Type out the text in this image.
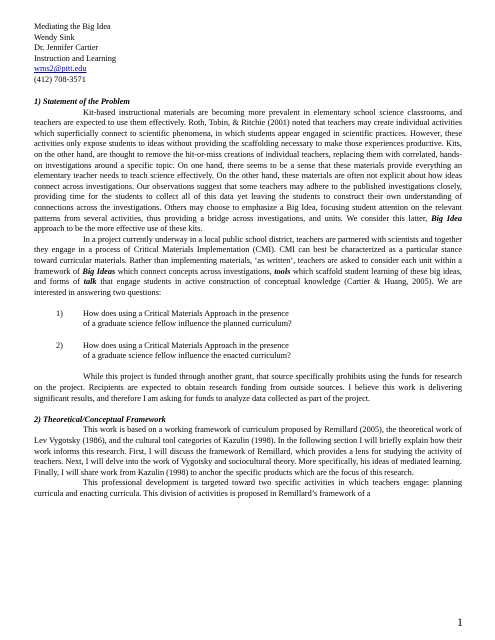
Mediating the Big Idea
Wendy Sink
Dr. Jennifer Cartier
Instruction and Learning
wms2@pitt.edu
(412) 708-3571
1) Statement of the Problem

Kit-based instructional materials are becoming more prevalent in elementary school science classrooms, and teachers are expected to use them effectively. Roth, Tobin, & Ritchie (2001) noted that teachers may create individual activities which superficially connect to scientific phenomena, in which students appear engaged in scientific practices. However, these activities only expose students to ideas without providing the scaffolding necessary to make those experiences productive. Kits, on the other hand, are thought to remove the hit-or-miss creations of individual teachers, replacing them with correlated, hands-on investigations around a specific topic. On one hand, there seems to be a sense that these materials provide everything an elementary teacher needs to teach science effectively. On the other hand, these materials are often not explicit about how ideas connect across investigations. Our observations suggest that some teachers may adhere to the published investigations closely, providing time for the students to collect all of this data yet leaving the students to construct their own understanding of connections across the investigations. Others may choose to emphasize a Big Idea, focusing student attention on the relevant patterns from several activities, thus providing a bridge across investigations, and units. We consider this latter, Big Idea approach to be the more effective use of these kits.

In a project currently underway in a local public school district, teachers are partnered with scientists and together they engage in a process of Critical Materials Implementation (CMI). CMI can best be characterized as a particular stance toward curricular materials. Rather than implementing materials, ‘as written’, teachers are asked to consider each unit within a framework of Big Ideas which connect concepts across investigations, tools which scaffold student learning of these big ideas, and forms of talk that engage students in active construction of conceptual knowledge (Cartier & Huang, 2005). We are interested in answering two questions:

1)	How does using a Critical Materials Approach in the presence
of a graduate science fellow influence the planned curriculum?
2)	How does using a Critical Materials Approach in the presence
of a graduate science fellow influence the enacted curriculum?

While this project is funded through another grant, that source specifically prohibits using the funds for research on the project. Recipients are expected to obtain research funding from outside sources. I believe this work is delivering significant results, and therefore I am asking for funds to analyze data collected as part of the project.

2) Theoretical/Conceptual Framework

This work is based on a working framework of curriculum proposed by Remillard (2005), the theoretical work of Lev Vygotsky (1986), and the cultural tool categories of Kazulin (1998). In the following section I will briefly explain how their work informs this research. First, I will discuss the framework of Remillard, which provides a lens for studying the activity of teachers. Next, I will delve into the work of Vygotsky and sociocultural theory. More specifically, his ideas of mediated learning. Finally, I will share work from Kazulin (1998) to anchor the specific products which are the focus of this research.

This professional development is targeted toward two specific activities in which teachers engage: planning curricula and enacting curricula. This division of activities is proposed in Remillard’s framework of a

1
